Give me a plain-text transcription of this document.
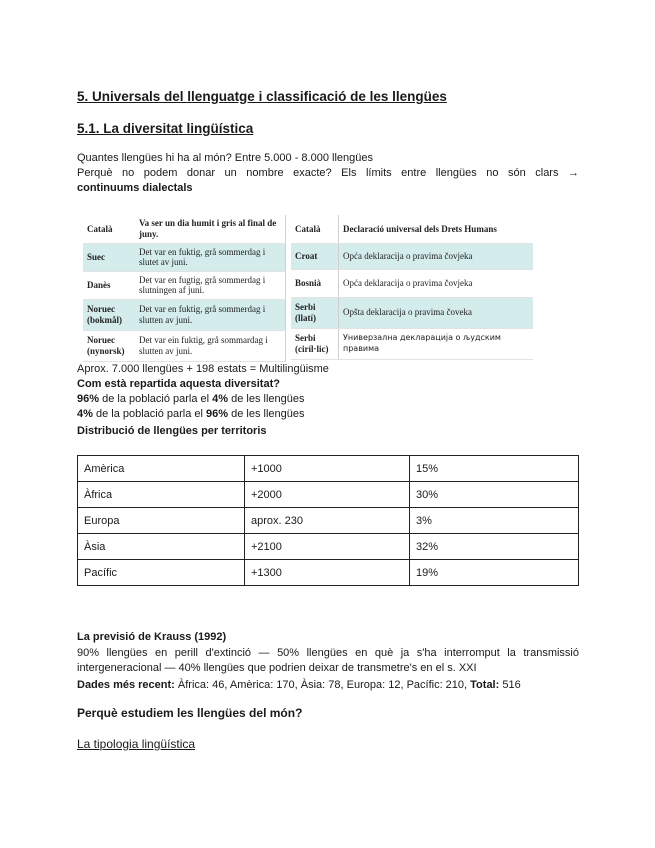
5. Universals del llenguatge i classificació de les llengües
5.1. La diversitat lingüística
Quantes llengües hi ha al món? Entre 5.000 - 8.000 llengües
Perquè no podem donar un nombre exacte? Els límits entre llengües no són clars →
continuums dialectals
Català	Va ser un dia humit i gris al final de juny.
Suec	Det var en fuktig, grå sommerdag i slutet av juni.
Danès	Det var en fugtig, grå sommerdag i slutningen af juni.
Noruec (bokmål)	Det var en fuktig, grå sommerdag i slutten av juni.
Noruec (nynorsk)	Det var ein fuktig, grå sommardag i slutten av juni.
Català	Declaració universal dels Drets Humans
Croat	Opća deklaracija o pravima čovjeka
Bosnià	Opća deklaracija o pravima čovjeka
Serbi (llatí)	Opšta deklaracija o pravima čoveka
Serbi (ciríl·lic)	Универзална декларација о људским правима
Aprox. 7.000 llengües + 198 estats = Multilingüisme
Com està repartida aquesta diversitat?
96% de la població parla el 4% de les llengües
4% de la població parla el 96% de les llengües
Distribució de llengües per territoris
Amèrica	+1000	15%
Àfrica	+2000	30%
Europa	aprox. 230	3%
Àsia	+2100	32%
Pacífic	+1300	19%
La previsió de Krauss (1992)
90% llengües en perill d'extinció — 50% llengües en què ja s'ha interromput la transmissió
intergeneracional — 40% llengües que podrien deixar de transmetre's en el s. XXI
Dades més recent: Àfrica: 46, Amèrica: 170, Àsia: 78, Europa: 12, Pacífic: 210, Total: 516
Perquè estudiem les llengües del món?
La tipologia lingüística
